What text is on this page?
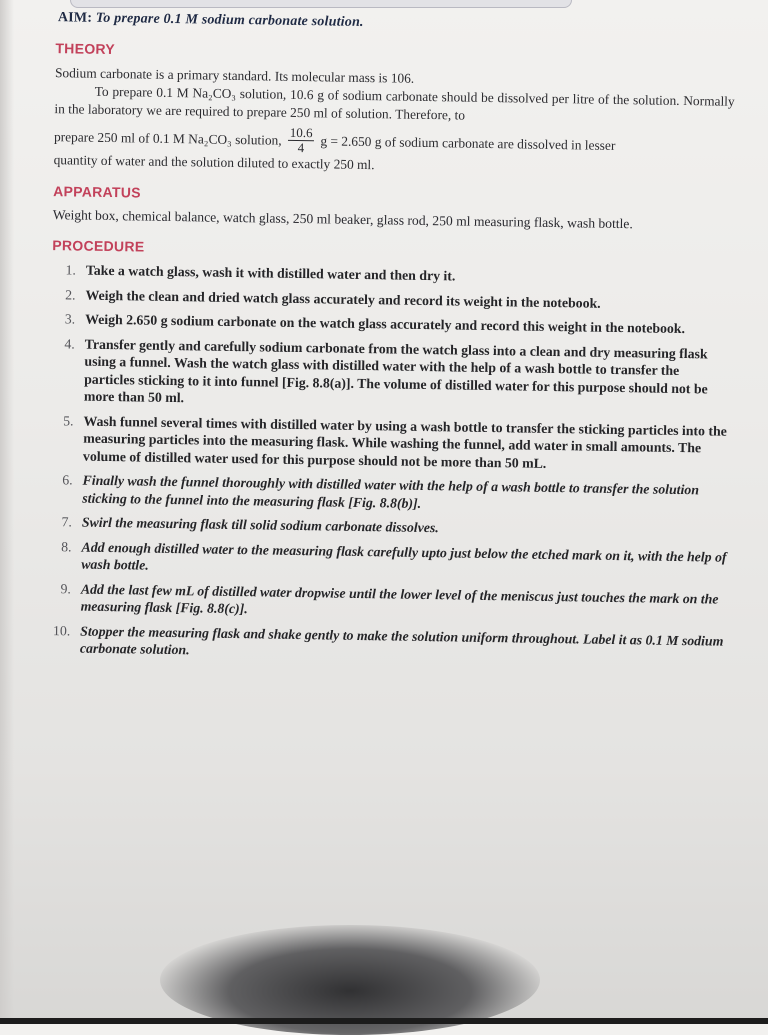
AIM: To prepare 0.1 M sodium carbonate solution.
THEORY

Sodium carbonate is a primary standard. Its molecular mass is 106.

To prepare 0.1 M Na₂CO₃ solution, 10.6 g of sodium carbonate should be dissolved per litre of the solution. Normally in the laboratory we are required to prepare 250 ml of solution. Therefore, to

prepare 250 ml of 0.1 M Na₂CO₃ solution, $\frac{10.6}{4}$ g = 2.650 g of sodium carbonate are dissolved in lesser

quantity of water and the solution diluted to exactly 250 ml.

APPARATUS

Weight box, chemical balance, watch glass, 250 ml beaker, glass rod, 250 ml measuring flask, wash bottle.

PROCEDURE
1. Take a watch glass, wash it with distilled water and then dry it.
2. Weigh the clean and dried watch glass accurately and record its weight in the notebook.
3. Weigh 2.650 g sodium carbonate on the watch glass accurately and record this weight in the notebook.
4. Transfer gently and carefully sodium carbonate from the watch glass into a clean and dry measuring flask using a funnel. Wash the watch glass with distilled water with the help of a wash bottle to transfer the particles sticking to it into funnel [Fig. 8.8(a)]. The volume of distilled water for this purpose should not be more than 50 ml.
5. Wash funnel several times with distilled water by using a wash bottle to transfer the sticking particles into the measuring particles into the measuring flask. While washing the funnel, add water in small amounts. The volume of distilled water used for this purpose should not be more than 50 mL.
6. Finally wash the funnel thoroughly with distilled water with the help of a wash bottle to transfer the solution sticking to the funnel into the measuring flask [Fig. 8.8(b)].
7. Swirl the measuring flask till solid sodium carbonate dissolves.
8. Add enough distilled water to the measuring flask carefully upto just below the etched mark on it, with the help of wash bottle.
9. Add the last few mL of distilled water dropwise until the lower level of the meniscus just touches the mark on the measuring flask [Fig. 8.8(c)].
10. Stopper the measuring flask and shake gently to make the solution uniform throughout. Label it as 0.1 M sodium carbonate solution.
